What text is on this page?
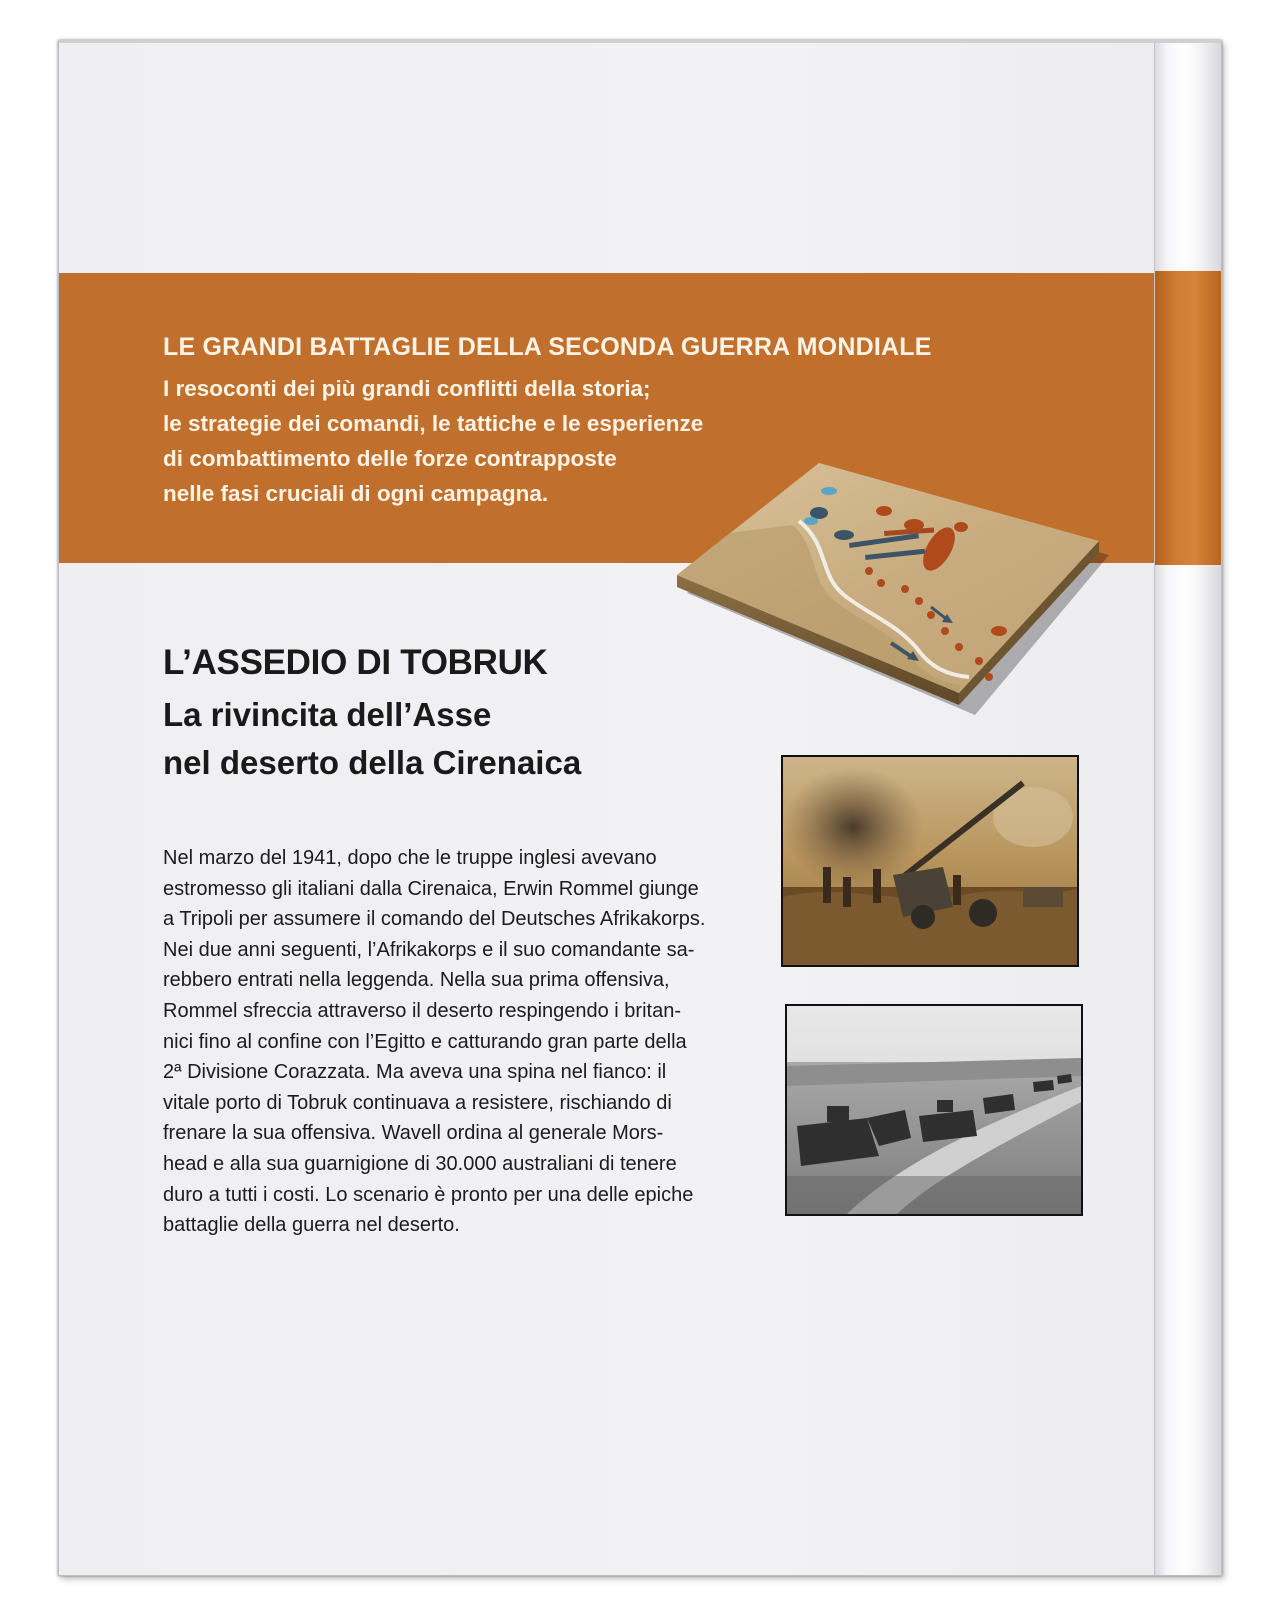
LE GRANDI BATTAGLIE DELLA SECONDA GUERRA MONDIALE
I resoconti dei più grandi conflitti della storia;
le strategie dei comandi, le tattiche e le esperienze
di combattimento delle forze contrapposte
nelle fasi cruciali di ogni campagna.
L’ASSEDIO DI TOBRUK
La rivincita dell’Asse
nel deserto della Cirenaica
Nel marzo del 1941, dopo che le truppe inglesi avevano
estromesso gli italiani dalla Cirenaica, Erwin Rommel giunge
a Tripoli per assumere il comando del Deutsches Afrikakorps.
Nei due anni seguenti, l’Afrikakorps e il suo comandante sa-
rebbero entrati nella leggenda. Nella sua prima offensiva,
Rommel sfreccia attraverso il deserto respingendo i britan-
nici fino al confine con l’Egitto e catturando gran parte della
2ª Divisione Corazzata. Ma aveva una spina nel fianco: il
vitale porto di Tobruk continuava a resistere, rischiando di
frenare la sua offensiva. Wavell ordina al generale Mors-
head e alla sua guarnigione di 30.000 australiani di tenere
duro a tutti i costi. Lo scenario è pronto per una delle epiche
battaglie della guerra nel deserto.
